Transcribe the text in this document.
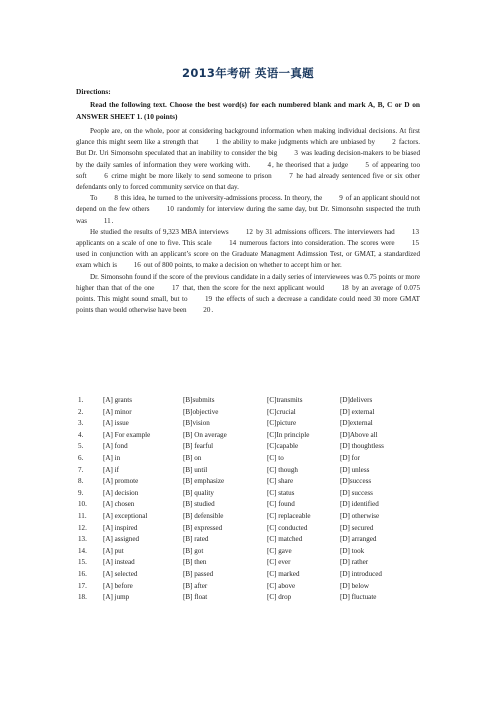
2013年考研 英语一真题
Directions:
Read the following text. Choose the best word(s) for each numbered blank and mark A, B, C or D on ANSWER SHEET 1. (10 points)

People are, on the whole, poor at considering background information when making individual decisions. At first glance this might seem like a strength that 1 the ability to make judgments which are unbiased by 2 factors. But Dr. Uri Simonsohn speculated that an inability to consider the big 3 was leading decision-makers to be biased by the daily samles of information they were working with. 4, he theorised that a judge 5 of appearing too soft 6 crime might be more likely to send someone to prison 7 he had already sentenced five or six other defendants only to forced community service on that day.

To 8 this idea, he turned to the university-admissions process. In theory, the 9 of an applicant should not depend on the few others 10 randomly for interview during the same day, but Dr. Simonsohn suspected the truth was 11.

He studied the results of 9,323 MBA interviews 12 by 31 admissions officers. The interviewers had 13 applicants on a scale of one to five. This scale 14 numerous factors into consideration. The scores were 15 used in conjunction with an applicant’s score on the Graduate Managment Adimssion Test, or GMAT, a standardized exam which is 16 out of 800 points, to make a decision on whether to accept him or her.

Dr. Simonsohn found if the score of the previous candidate in a daily series of interviewees was 0.75 points or more higher than that of the one 17 that, then the score for the next applicant would 18 by an average of 0.075 points. This might sound small, but to 19 the effects of such a decrease a candidate could need 30 more GMAT points than would otherwise have been 20.

1.	[A] grants	[B]submits	[C]transmits	[D]delivers
2.	[A] minor	[B]objective	[C]crucial	[D] external
3.	[A] issue	[B]vision	[C]picture	[D]external
4.	[A] For example	[B] On average	[C]In principle	[D]Above all
5.	[A] fond	[B] fearful	[C]capable	[D] thoughtless
6.	[A] in	[B] on	[C] to	[D] for
7.	[A] if	[B] until	[C] though	[D] unless
8.	[A] promote	[B] emphasize	[C] share	[D]success
9.	[A] decision	[B] quality	[C] status	[D] success
10. [A] chosen	[B] studied	[C] found	[D] identified
11. [A] exceptional	[B] defensible	[C] replaceable	[D] otherwise
12. [A] inspired	[B] expressed	[C] conducted	[D] secured
13. [A] assigned	[B] rated	[C] matched	[D] arranged
14. [A] put	[B] got	[C] gave	[D] took
15. [A] instead	[B] then	[C] ever	[D] rather
16. [A] selected	[B] passed	[C] marked	[D] introduced
17. [A] before	[B] after	[C] above	[D] below
18. [A] jump	[B] float	[C] drop	[D] fluctuate
